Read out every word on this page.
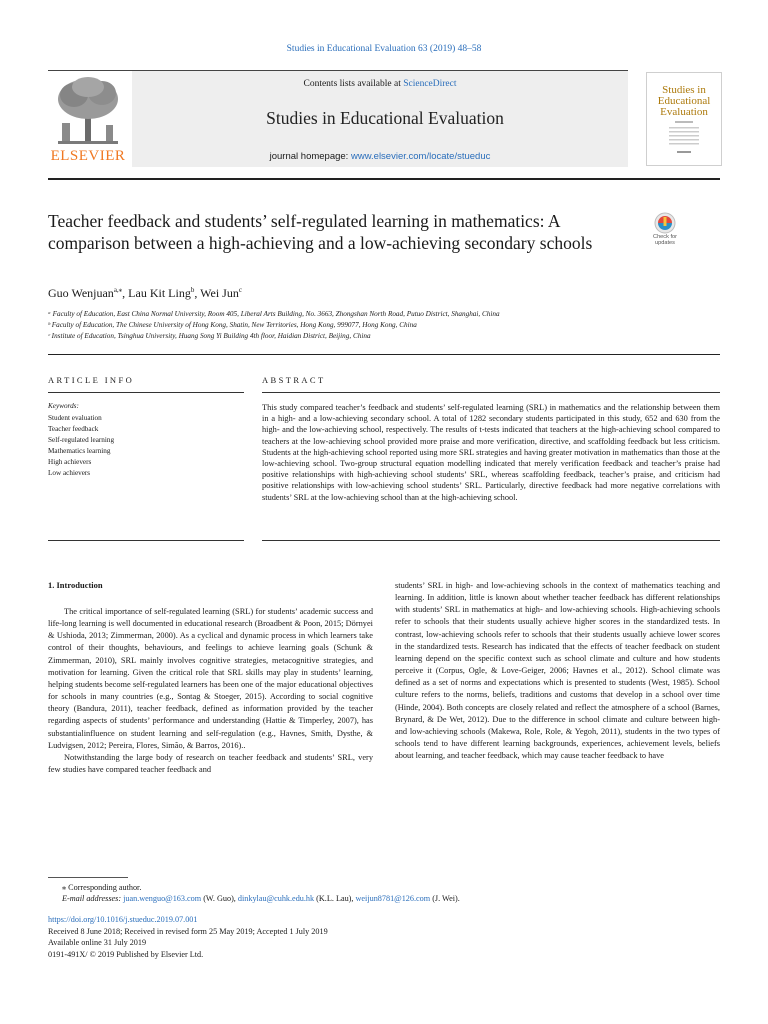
Studies in Educational Evaluation 63 (2019) 48–58
ELSEVIER
Contents lists available at ScienceDirect
Studies in Educational Evaluation
journal homepage: www.elsevier.com/locate/stueduc
Studies in Educational Evaluation
Teacher feedback and students’ self-regulated learning in mathematics: A comparison between a high-achieving and a low-achieving secondary schools	Check for updates
Guo Wenjuan$^{a,⁎}$, Lau Kit Ling$^b$, Wei Jun$^c$
ᵃ Faculty of Education, East China Normal University, Room 405, Liberal Arts Building, No. 3663, Zhongshan North Road, Putuo District, Shanghai, China
ᵇ Faculty of Education, The Chinese University of Hong Kong, Shatin, New Territories, Hong Kong, 999077, Hong Kong, China
ᶜ Institute of Education, Tsinghua University, Huang Song Yi Building 4th floor, Haidian District, Beijing, China
ARTICLE INFO	ABSTRACT
Keywords:
Student evaluation
Teacher feedback
Self-regulated learning
Mathematics learning
High achievers
Low achievers
This study compared teacher’s feedback and students’ self-regulated learning (SRL) in mathematics and the relationship between them in a high- and a low-achieving secondary school. A total of 1282 secondary students participated in this study, 652 and 630 from the high- and the low-achieving school, respectively. The results of t-tests indicated that teachers at the high-achieving school compared to teachers at the low-achieving school provided more praise and more verification, directive, and scaffolding feedback but less criticism. Students at the high-achieving school reported using more SRL strategies and having greater motivation in mathematics than those at the low-achieving school. Two-group structural equation modelling indicated that merely verification feedback and teacher’s praise had positive relationships with high-achieving school students’ SRL, whereas scaffolding feedback, teacher’s praise, and criticism had positive relationships with low-achieving school students’ SRL. Particularly, directive feedback had more negative correlations with students’ SRL at the low-achieving school than at the high-achieving school.
1. Introduction

The critical importance of self-regulated learning (SRL) for students’ academic success and life-long learning is well documented in educational research (Broadbent & Poon, 2015; Dörnyei & Ushioda, 2013; Zimmerman, 2000). As a cyclical and dynamic process in which learners take control of their thoughts, behaviours, and feelings to achieve learning goals (Schunk & Zimmerman, 2010), SRL mainly involves cognitive strategies, metacognitive strategies, and motivation for learning. Given the critical role that SRL skills may play in students’ learning, helping students become self-regulated learners has been one of the major educational objectives for schools in many countries (e.g., Sontag & Stoeger, 2015). According to social cognitive theory (Bandura, 2011), teacher feedback, defined as information provided by the teacher regarding aspects of students’ performance and understanding (Hattie & Timperley, 2007), has substantialinfluence on student learning and self-regulation (e.g., Havnes, Smith, Dysthe, & Ludvigsen, 2012; Pereira, Flores, Simão, & Barros, 2016)..

Notwithstanding the large body of research on teacher feedback and students’ SRL, very few studies have compared teacher feedback and

students’ SRL in high- and low-achieving schools in the context of mathematics teaching and learning. In addition, little is known about whether teacher feedback has different relationships with students’ SRL in mathematics at high- and low-achieving schools. High-achieving schools refer to schools that their students usually achieve higher scores in the standardized tests. In contrast, low-achieving schools refer to schools that their students usually achieve lower scores in the standardized tests. Research has indicated that the effects of teacher feedback on student learning depend on the specific context such as school climate and culture and how students perceive it (Corpus, Ogle, & Love-Geiger, 2006; Havnes et al., 2012). School climate was defined as a set of norms and expectations which is presented to students (West, 1985). School culture refers to the norms, beliefs, traditions and customs that develop in a school over time (Hinde, 2004). Both concepts are closely related and reflect the atmosphere of a school (Barnes, Brynard, & De Wet, 2012). Due to the difference in school climate and culture between high- and low-achieving schools (Makewa, Role, Role, & Yegoh, 2011), students in the two types of schools tend to have different learning backgrounds, experiences, achievement levels, beliefs about learning, and teacher feedback, which may cause teacher feedback to have
⁎ Corresponding author.
E-mail addresses: juan.wenguo@163.com (W. Guo), dinkylau@cuhk.edu.hk (K.L. Lau), weijun8781@126.com (J. Wei).
https://doi.org/10.1016/j.stueduc.2019.07.001
Received 8 June 2018; Received in revised form 25 May 2019; Accepted 1 July 2019
Available online 31 July 2019
0191-491X/ © 2019 Published by Elsevier Ltd.
